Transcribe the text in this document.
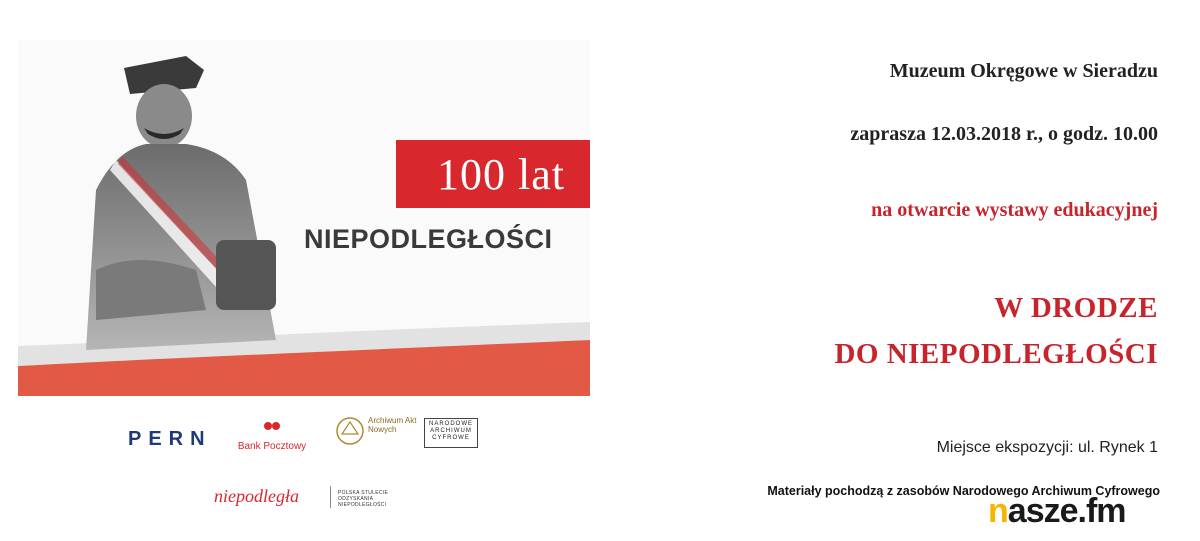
100 lat
NIEPODLEGŁOŚCI
PERN	Bank Pocztowy
Archiwum Akt Nowych
NARODOWE ARCHIWUM CYFROWE
niepodległa	POLSKA STULECIE ODZYSKANIA NIEPODLEGŁOŚCI
Muzeum Okręgowe w Sieradzu
zaprasza 12.03.2018 r., o godz. 10.00
na otwarcie wystawy edukacyjnej
W DRODZE
DO NIEPODLEGŁOŚCI
Miejsce ekspozycji: ul. Rynek 1
Materiały pochodzą z zasobów Narodowego Archiwum Cyfrowego
nasze.fm
